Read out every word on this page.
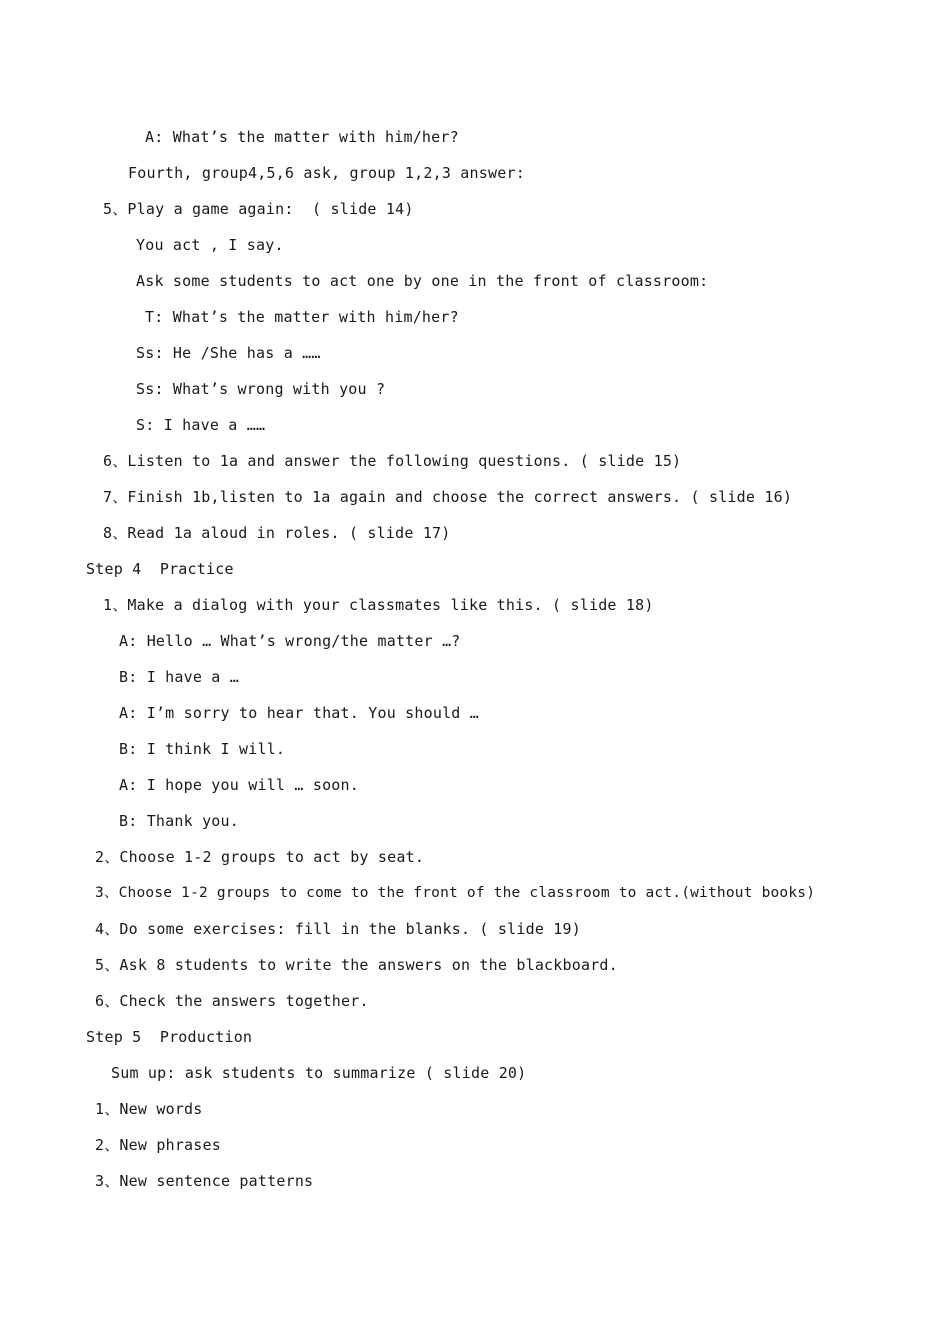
A: What’s the matter with him/her?
Fourth, group4,5,6 ask, group 1,2,3 answer:
5、Play a game again:  ( slide 14)
You act , I say.
Ask some students to act one by one in the front of classroom:
T: What’s the matter with him/her?
Ss: He /She has a ……
Ss: What’s wrong with you ?
S: I have a ……
6、Listen to 1a and answer the following questions. ( slide 15)
7、Finish 1b,listen to 1a again and choose the correct answers. ( slide 16)
8、Read 1a aloud in roles. ( slide 17)
Step 4  Practice
1、Make a dialog with your classmates like this. ( slide 18)
A: Hello … What’s wrong/the matter …?
B: I have a …
A: I’m sorry to hear that. You should …
B: I think I will.
A: I hope you will … soon.
B: Thank you.
2、Choose 1-2 groups to act by seat.
3、Choose 1-2 groups to come to the front of the classroom to act.(without books)
4、Do some exercises: fill in the blanks. ( slide 19)
5、Ask 8 students to write the answers on the blackboard.
6、Check the answers together.
Step 5  Production
Sum up: ask students to summarize ( slide 20)
1、New words
2、New phrases
3、New sentence patterns
